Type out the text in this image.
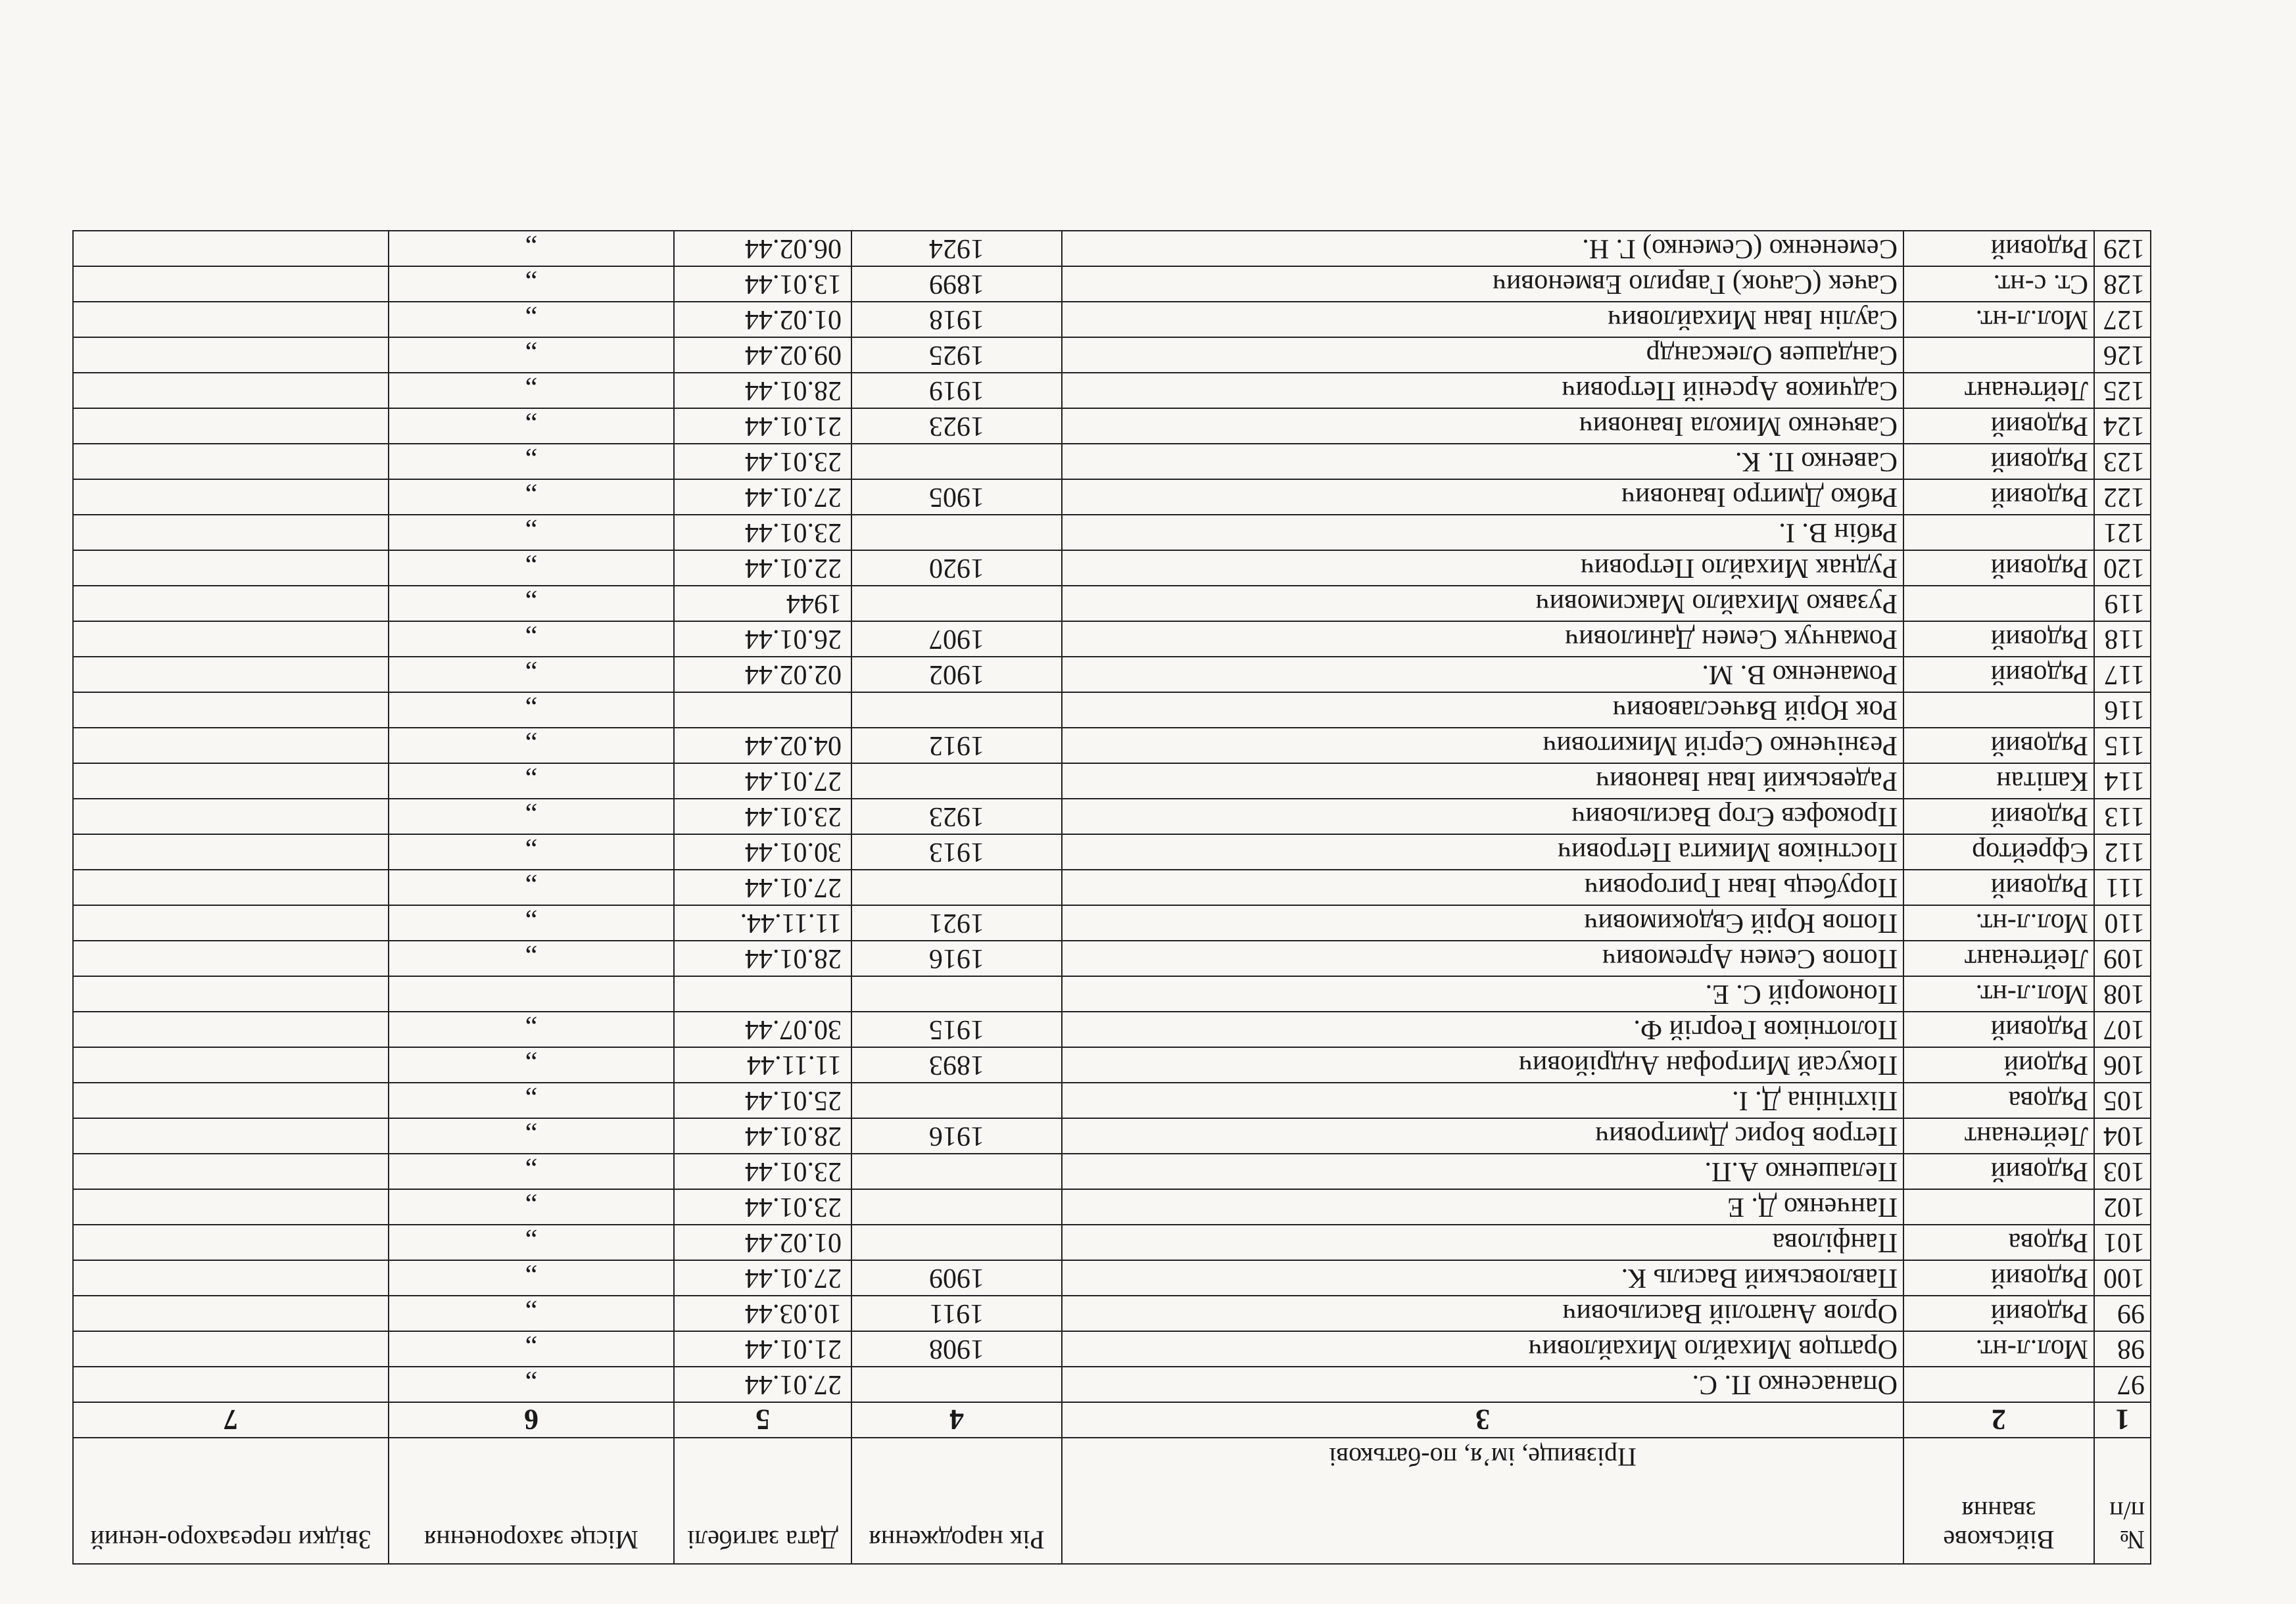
№ п/п	Військове звання	Прізвище, ім’я, по-батькові	Рік народження	Дата загибелі	Місце захоронення	Звідки перезахоро-нений
1	2	3	4	5	6	7
97		Опанасенко П. С.		27.01.44	„	
98	Мол.л-нт.	Opатцов Михайло Михайлович	1908	21.01.44	„	
99	Рядовий	Орлов Анатолій Васильович	1911	10.03.44	„	
100	Рядовий	Павловський Василь К.	1909	27.01.44	„	
101	Рядова	Панфілова		01.02.44	„	
102		Панченко Д. Е		23.01.44	„	
103	Рядовий	Пелашенко А.П.		23.01.44	„	
104	Лейтенант	Петров Борис Дмитрович	1916	28.01.44	„	
105	Рядова	Піхтініна Д. І.		25.01.44	„	
106	Рядоий	Покусай Митрофан Андрійович	1893	11.11.44	„	
107	Рядовий	Полотніков Георгій Ф.	1915	30.07.44	„	
108	Мол.л-нт.	Пономорій С. Е.				
109	Лейтенант	Попов Семен Артемович	1916	28.01.44	„	
110	Мол.л-нт.	Попов Юрій Євдокимович	1921	11.11.44.	„	
111	Рядовий	Порубець Іван Григорович		27.01.44	„	
112	Єфрейтор	Постніков Микита Петрович	1913	30.01.44	„	
113	Рядовий	Прокофєв Єгор Васильович	1923	23.01.44	„	
114	Капітан	Радевський Іван Іванович		27.01.44	„	
115	Рядовий	Резніченко Сергій Микитович	1912	04.02.44	„	
116		Рок Юрій Вячеславович			„	
117	Рядовий	Романенко В. М.	1902	02.02.44	„	
118	Рядовий	Романчук Семен Данилович	1907	26.01.44	„	
119		Рузавко Михайло Максимович		1944	„	
120	Рядовий	Руднак Михайло Петрович	1920	22.01.44	„	
121		Рябін В. І.		23.01.44	„	
122	Рядовий	Рябко Дмитро Іванович	1905	27.01.44	„	
123	Рядовий	Савенко П. К.		23.01.44	„	
124	Рядовий	Савченко Микола Іванович	1923	21.01.44	„	
125	Лейтенант	Садчиков Арсеній Петрович	1919	28.01.44	„	
126		Сандашев Олександр	1925	09.02.44	„	
127	Мол.л-нт.	Саулін Іван Михайлович	1918	01.02.44	„	
128	Ст. с-нт.	Сачек (Сачок) Гаврило Евменович	1899	13.01.44	„	
129	Рядовий	Семененко (Семенко) Г. Н.	1924	06.02.44	„	
